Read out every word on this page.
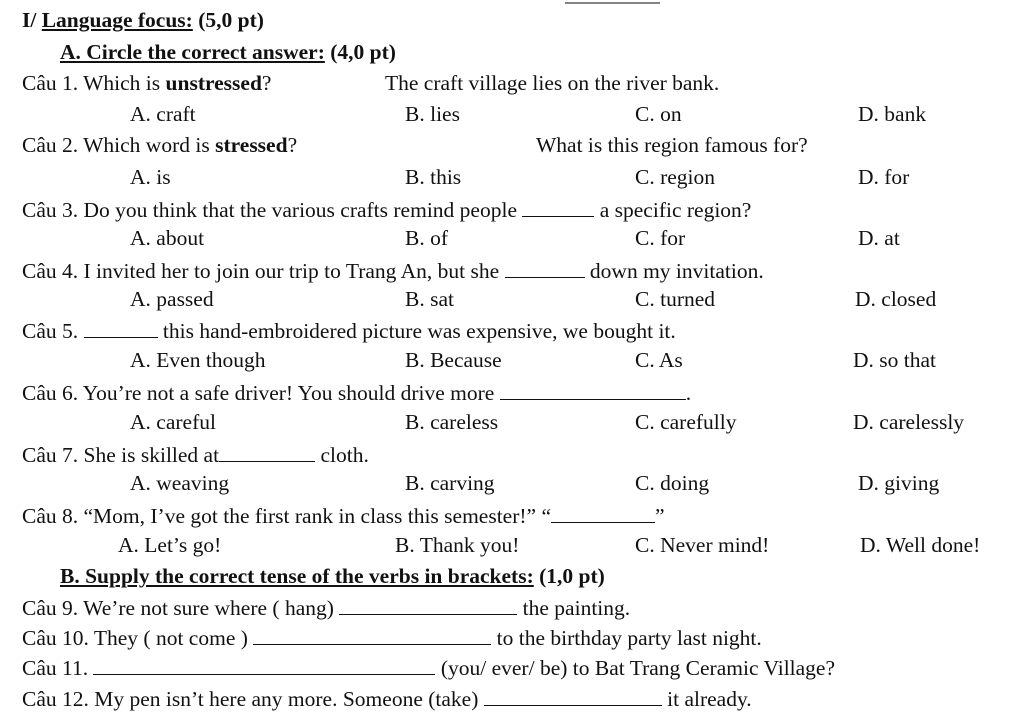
I/ Language focus: (5,0 pt)
A. Circle the correct answer: (4,0 pt)
Câu 1. Which is unstressed?	The craft village lies on the river bank.
A. craft	B. lies	C. on	D. bank
Câu 2. Which word is stressed?	What is this region famous for?
A. is	B. this	C. region	D. for
Câu 3. Do you think that the various crafts remind people	a specific region?
A. about	B. of	C. for	D. at
Câu 4. I invited her to join our trip to Trang An, but she	down my invitation.
A. passed	B. sat	C. turned	D. closed
Câu 5.	this hand-embroidered picture was expensive, we bought it.
A. Even though	B. Because	C. As	D. so that
Câu 6. You’re not a safe driver! You should drive more	.
A. careful	B. careless	C. carefully	D. carelessly
Câu 7. She is skilled at	cloth.
A. weaving	B. carving	C. doing	D. giving
Câu 8. “Mom, I’ve got the first rank in class this semester!” “	”
A. Let’s go!	B. Thank you!	C. Never mind!	D. Well done!
B. Supply the correct tense of the verbs in brackets: (1,0 pt)
Câu 9. We’re not sure where ( hang)	the painting.
Câu 10. They ( not come )	to the birthday party last night.
Câu 11.	(you/ ever/ be) to Bat Trang Ceramic Village?
Câu 12. My pen isn’t here any more. Someone (take)	it already.
